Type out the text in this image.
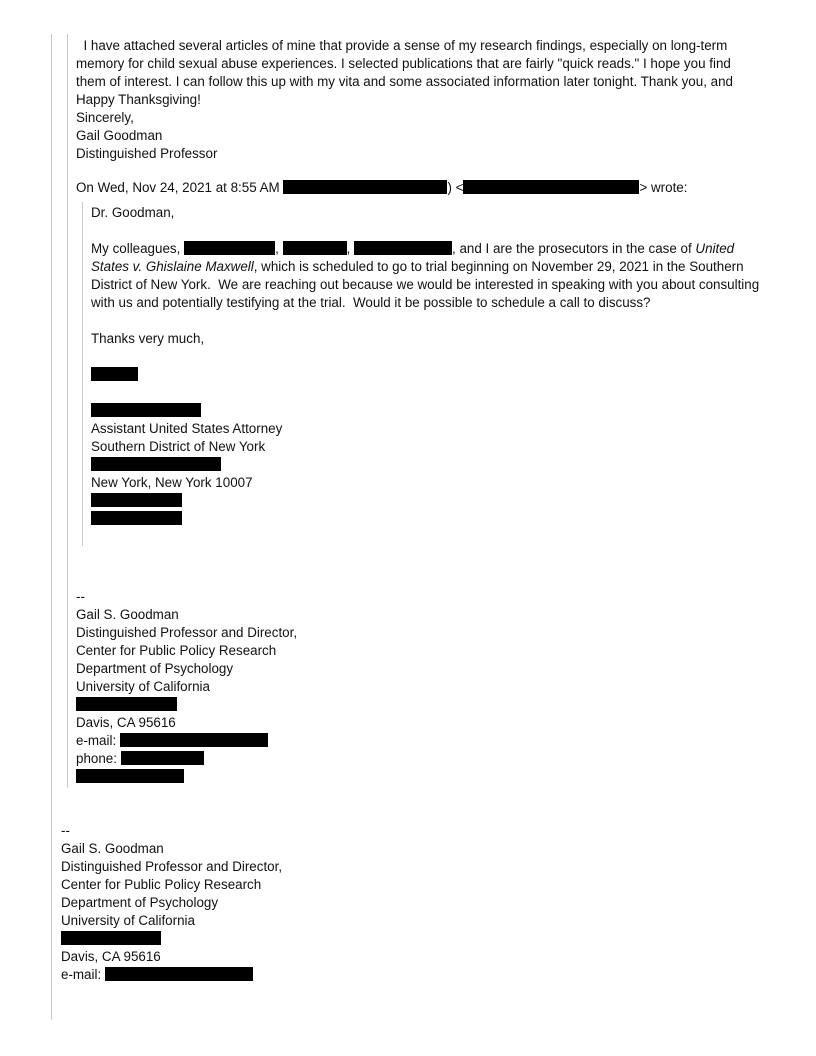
I have attached several articles of mine that provide a sense of my research findings, especially on long-term
memory for child sexual abuse experiences. I selected publications that are fairly "quick reads." I hope you find
them of interest. I can follow this up with my vita and some associated information later tonight. Thank you, and
Happy Thanksgiving!
Sincerely,
Gail Goodman
Distinguished Professor
On Wed, Nov 24, 2021 at 8:55 AM	) <	> wrote:
Dr. Goodman,
My colleagues,	,	,	, and I are the prosecutors in the case of United
States v. Ghislaine Maxwell, which is scheduled to go to trial beginning on November 29, 2021 in the Southern
District of New York.  We are reaching out because we would be interested in speaking with you about consulting
with us and potentially testifying at the trial.  Would it be possible to schedule a call to discuss?
Thanks very much,
Assistant United States Attorney
Southern District of New York
New York, New York 10007
--
Gail S. Goodman
Distinguished Professor and Director,
Center for Public Policy Research
Department of Psychology
University of California
Davis, CA 95616
e-mail:
phone:
--
Gail S. Goodman
Distinguished Professor and Director,
Center for Public Policy Research
Department of Psychology
University of California
Davis, CA 95616
e-mail:
